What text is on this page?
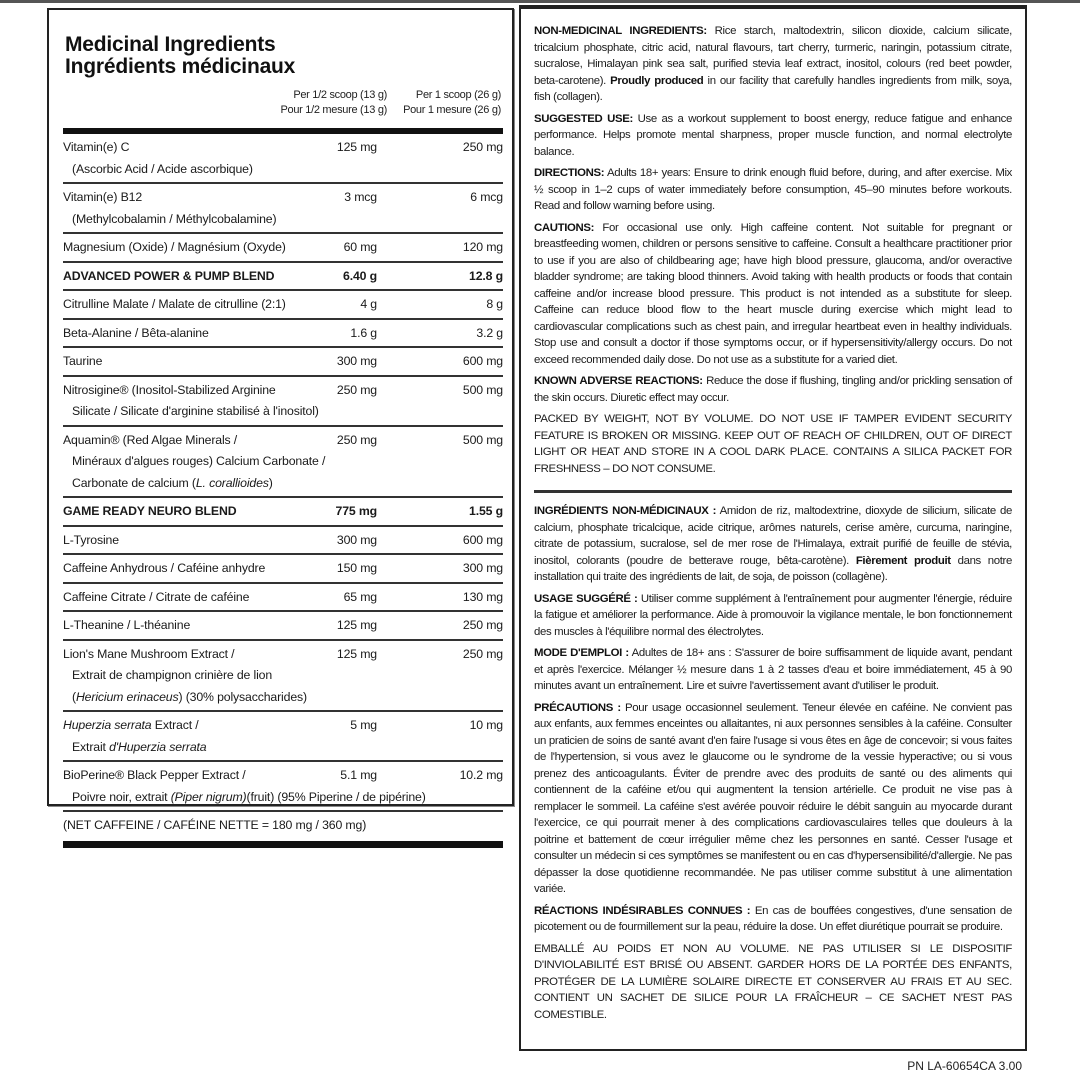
Medicinal Ingredients
Ingrédients médicinaux
Per 1/2 scoop (13 g)
Pour 1/2 mesure (13 g)
Per 1 scoop (26 g)
Pour 1 mesure (26 g)
Vitamin(e) C
(Ascorbic Acid / Acide ascorbique)
125 mg	250 mg
Vitamin(e) B12
(Methylcobalamin / Méthylcobalamine)
3 mcg	6 mcg
Magnesium (Oxide) / Magnésium (Oxyde)	60 mg	120 mg
ADVANCED POWER & PUMP BLEND	6.40 g	12.8 g
Citrulline Malate / Malate de citrulline (2:1)	4 g	8 g
Beta-Alanine / Bêta-alanine	1.6 g	3.2 g
Taurine	300 mg	600 mg
Nitrosigine® (Inositol-Stabilized Arginine
Silicate / Silicate d'arginine stabilisé à l'inositol)
250 mg	500 mg
Aquamin® (Red Algae Minerals /
Minéraux d'algues rouges) Calcium Carbonate /
Carbonate de calcium (L. corallioides)
250 mg	500 mg
GAME READY NEURO BLEND	775 mg	1.55 g
L-Tyrosine	300 mg	600 mg
Caffeine Anhydrous / Caféine anhydre	150 mg	300 mg
Caffeine Citrate / Citrate de caféine	65 mg	130 mg
L-Theanine / L-théanine	125 mg	250 mg
Lion's Mane Mushroom Extract /
Extrait de champignon crinière de lion
(Hericium erinaceus) (30% polysaccharides)
125 mg	250 mg
Huperzia serrata Extract /
Extrait d'Huperzia serrata
5 mg	10 mg
BioPerine® Black Pepper Extract /
Poivre noir, extrait (Piper nigrum)(fruit) (95% Piperine / de pipérine)
5.1 mg	10.2 mg
(NET CAFFEINE / CAFÉINE NETTE = 180 mg / 360 mg)

NON-MEDICINAL INGREDIENTS: Rice starch, maltodextrin, silicon dioxide, calcium silicate, tricalcium phosphate, citric acid, natural flavours, tart cherry, turmeric, naringin, potassium citrate, sucralose, Himalayan pink sea salt, purified stevia leaf extract, inositol, colours (red beet powder, beta-carotene). Proudly produced in our facility that carefully handles ingredients from milk, soya, fish (collagen).

SUGGESTED USE: Use as a workout supplement to boost energy, reduce fatigue and enhance performance. Helps promote mental sharpness, proper muscle function, and normal electrolyte balance.

DIRECTIONS: Adults 18+ years: Ensure to drink enough fluid before, during, and after exercise. Mix ½ scoop in 1–2 cups of water immediately before consumption, 45–90 minutes before workouts. Read and follow warning before using.

CAUTIONS: For occasional use only. High caffeine content. Not suitable for pregnant or breastfeeding women, children or persons sensitive to caffeine. Consult a healthcare practitioner prior to use if you are also of childbearing age; have high blood pressure, glaucoma, and/or overactive bladder syndrome; are taking blood thinners. Avoid taking with health products or foods that contain caffeine and/or increase blood pressure. This product is not intended as a substitute for sleep. Caffeine can reduce blood flow to the heart muscle during exercise which might lead to cardiovascular complications such as chest pain, and irregular heartbeat even in healthy individuals. Stop use and consult a doctor if those symptoms occur, or if hypersensitivity/allergy occurs. Do not exceed recommended daily dose. Do not use as a substitute for a varied diet.

KNOWN ADVERSE REACTIONS: Reduce the dose if flushing, tingling and/or prickling sensation of the skin occurs. Diuretic effect may occur.

PACKED BY WEIGHT, NOT BY VOLUME. DO NOT USE IF TAMPER EVIDENT SECURITY FEATURE IS BROKEN OR MISSING. KEEP OUT OF REACH OF CHILDREN, OUT OF DIRECT LIGHT OR HEAT AND STORE IN A COOL DARK PLACE. CONTAINS A SILICA PACKET FOR FRESHNESS – DO NOT CONSUME.

INGRÉDIENTS NON-MÉDICINAUX : Amidon de riz, maltodextrine, dioxyde de silicium, silicate de calcium, phosphate tricalcique, acide citrique, arômes naturels, cerise amère, curcuma, naringine, citrate de potassium, sucralose, sel de mer rose de l'Himalaya, extrait purifié de feuille de stévia, inositol, colorants (poudre de betterave rouge, bêta-carotène). Fièrement produit dans notre installation qui traite des ingrédients de lait, de soja, de poisson (collagène).

USAGE SUGGÉRÉ : Utiliser comme supplément à l'entraînement pour augmenter l'énergie, réduire la fatigue et améliorer la performance. Aide à promouvoir la vigilance mentale, le bon fonctionnement des muscles à l'équilibre normal des électrolytes.

MODE D'EMPLOI : Adultes de 18+ ans : S'assurer de boire suffisamment de liquide avant, pendant et après l'exercice. Mélanger ½ mesure dans 1 à 2 tasses d'eau et boire immédiatement, 45 à 90 minutes avant un entraînement. Lire et suivre l'avertissement avant d'utiliser le produit.

PRÉCAUTIONS : Pour usage occasionnel seulement. Teneur élevée en caféine. Ne convient pas aux enfants, aux femmes enceintes ou allaitantes, ni aux personnes sensibles à la caféine. Consulter un praticien de soins de santé avant d'en faire l'usage si vous êtes en âge de concevoir; si vous faites de l'hypertension, si vous avez le glaucome ou le syndrome de la vessie hyperactive; ou si vous prenez des anticoagulants. Éviter de prendre avec des produits de santé ou des aliments qui contiennent de la caféine et/ou qui augmentent la tension artérielle. Ce produit ne vise pas à remplacer le sommeil. La caféine s'est avérée pouvoir réduire le débit sanguin au myocarde durant l'exercice, ce qui pourrait mener à des complications cardiovasculaires telles que douleurs à la poitrine et battement de cœur irrégulier même chez les personnes en santé. Cesser l'usage et consulter un médecin si ces symptômes se manifestent ou en cas d'hypersensibilité/d'allergie. Ne pas dépasser la dose quotidienne recommandée. Ne pas utiliser comme substitut à une alimentation variée.

RÉACTIONS INDÉSIRABLES CONNUES : En cas de bouffées congestives, d'une sensation de picotement ou de fourmillement sur la peau, réduire la dose. Un effet diurétique pourrait se produire.

EMBALLÉ AU POIDS ET NON AU VOLUME. NE PAS UTILISER SI LE DISPOSITIF D'INVIOLABILITÉ EST BRISÉ OU ABSENT. GARDER HORS DE LA PORTÉE DES ENFANTS, PROTÉGER DE LA LUMIÈRE SOLAIRE DIRECTE ET CONSERVER AU FRAIS ET AU SEC. CONTIENT UN SACHET DE SILICE POUR LA FRAÎCHEUR – CE SACHET N'EST PAS COMESTIBLE.

PN LA-60654CA 3.00
